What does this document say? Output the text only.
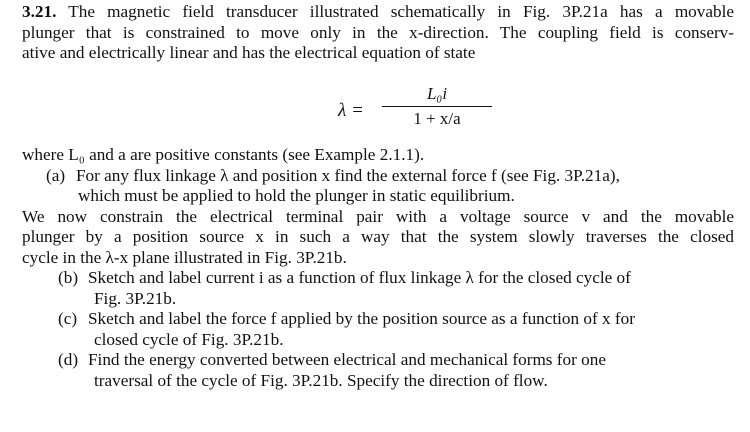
3.21. The magnetic field transducer illustrated schematically in Fig. 3P.21a has a movable
plunger that is constrained to move only in the x-direction. The coupling field is conserv-
ative and electrically linear and has the electrical equation of state
λ =
L₀i
1 + x/a
where L₀ and a are positive constants (see Example 2.1.1).
(a) For any flux linkage λ and position x find the external force f (see Fig. 3P.21a),
which must be applied to hold the plunger in static equilibrium.
We now constrain the electrical terminal pair with a voltage source v and the movable
plunger by a position source x in such a way that the system slowly traverses the closed
cycle in the λ-x plane illustrated in Fig. 3P.21b.
(b) Sketch and label current i as a function of flux linkage λ for the closed cycle of
Fig. 3P.21b.
(c) Sketch and label the force f applied by the position source as a function of x for
closed cycle of Fig. 3P.21b.
(d) Find the energy converted between electrical and mechanical forms for one
traversal of the cycle of Fig. 3P.21b. Specify the direction of flow.
